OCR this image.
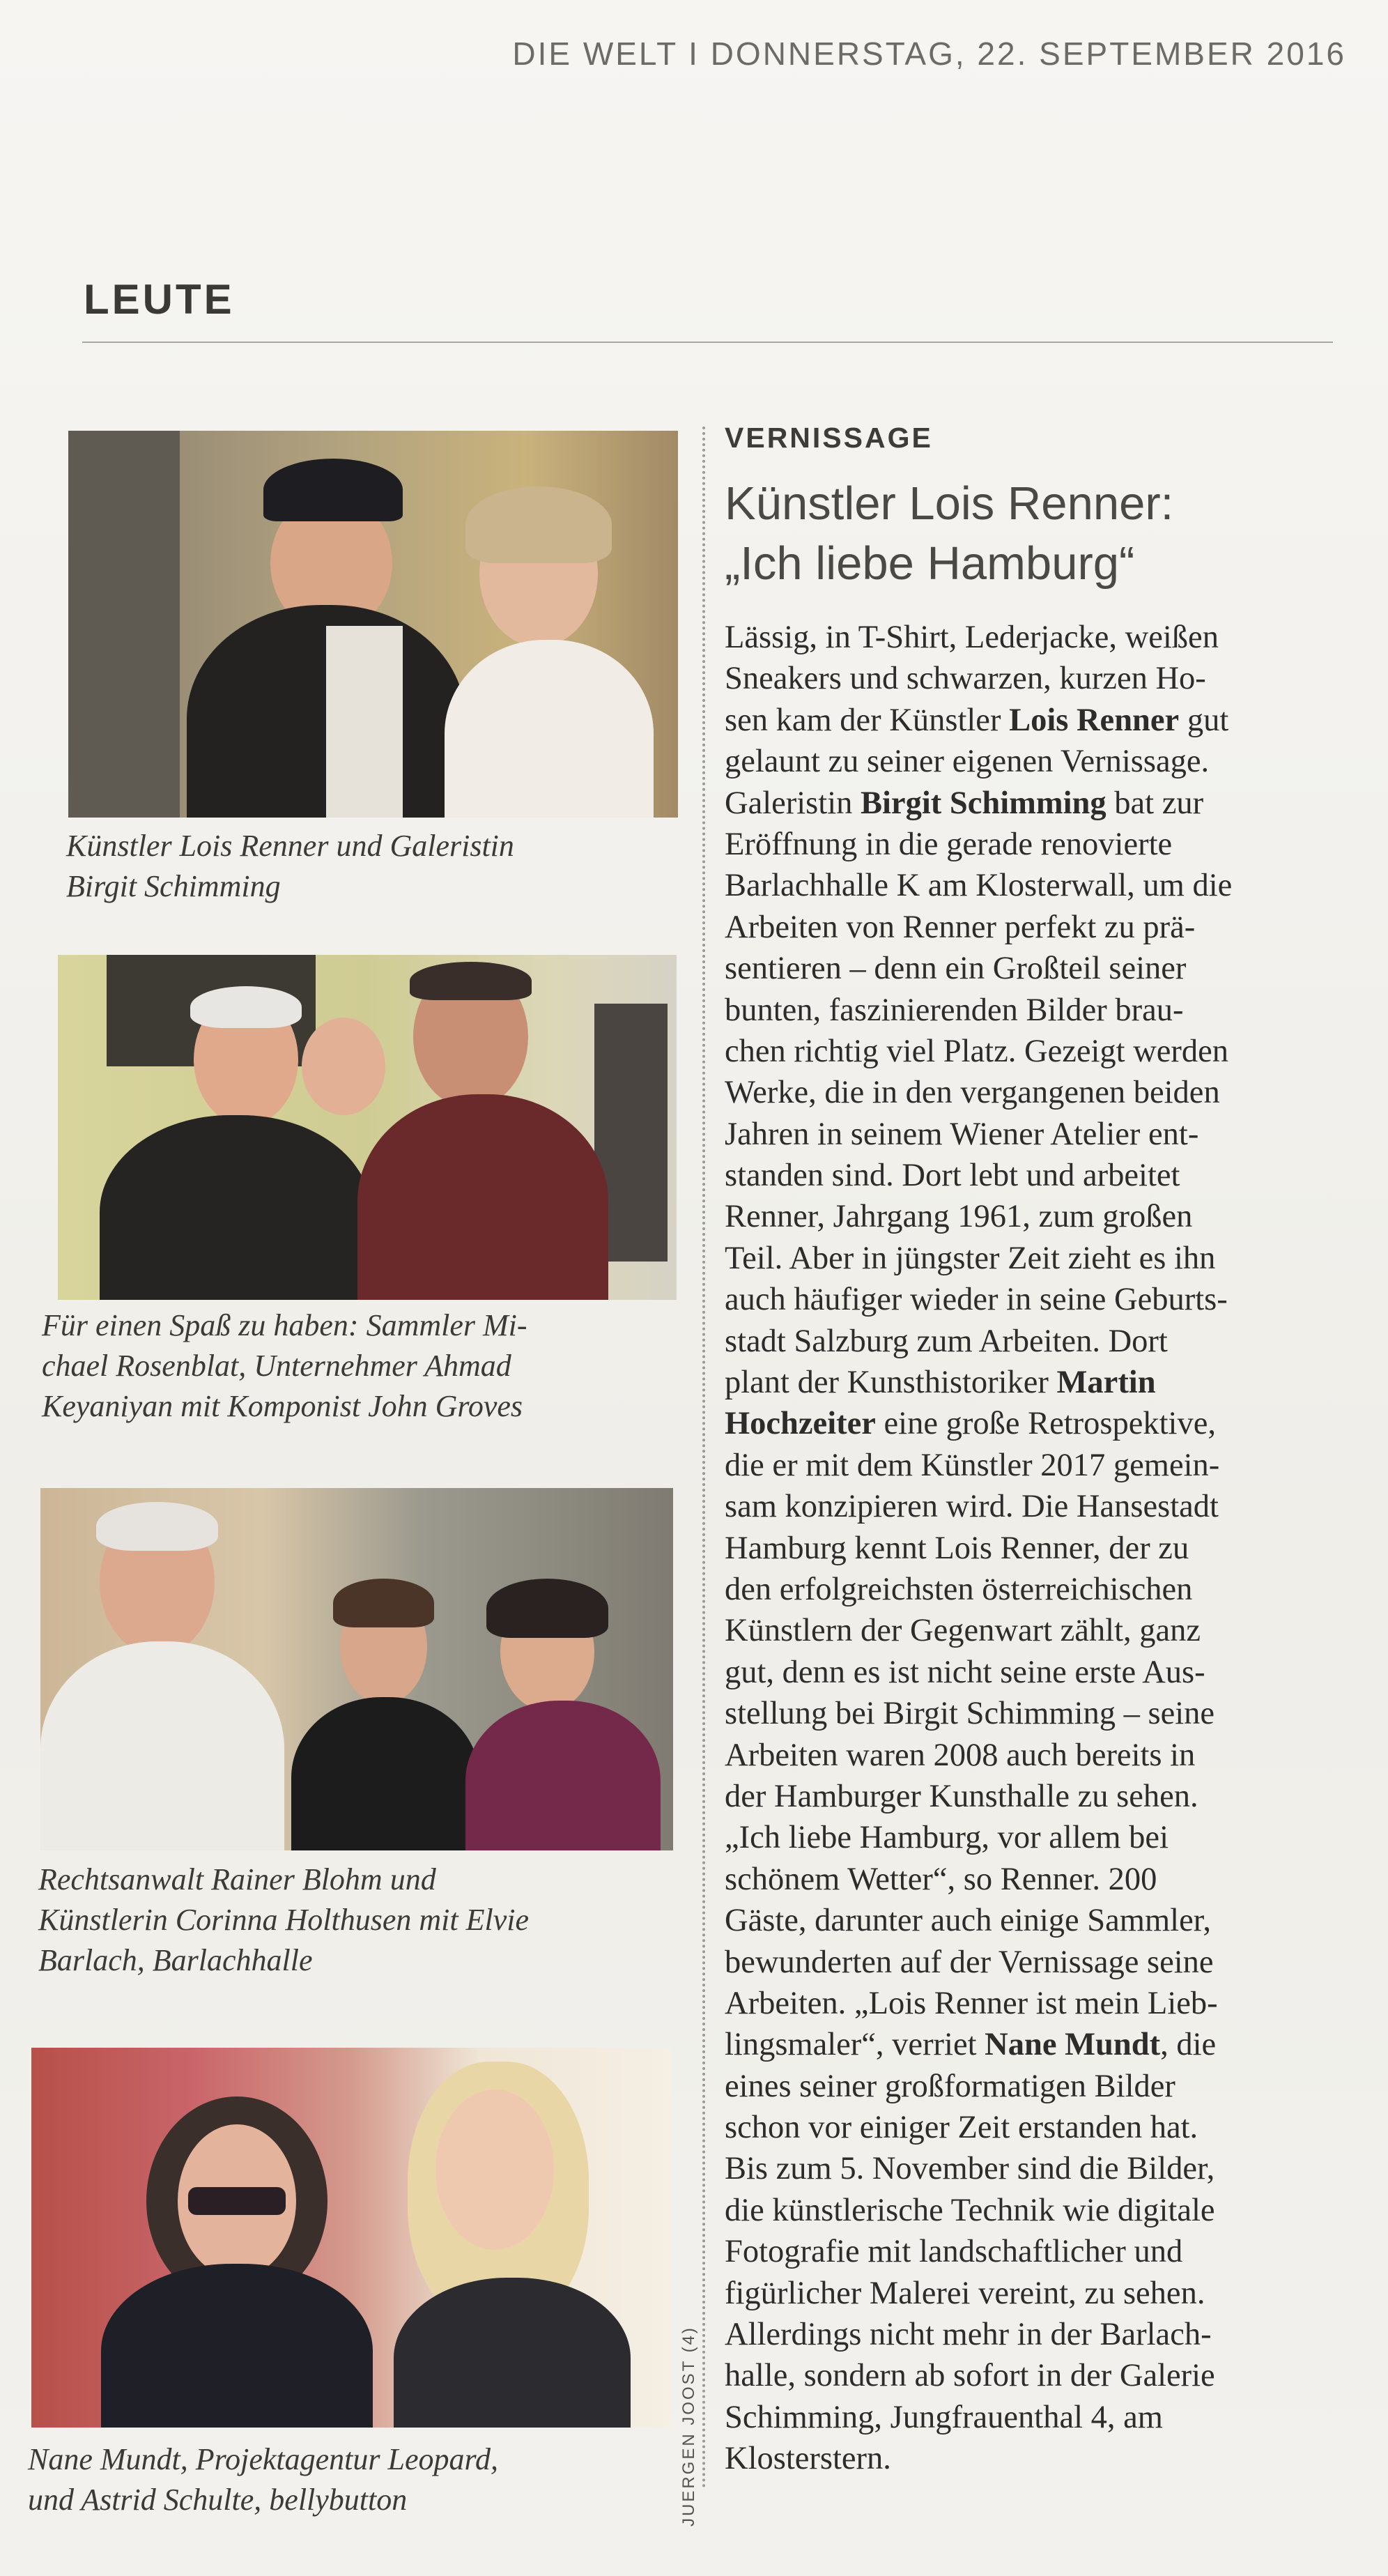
DIE WELT I DONNERSTAG, 22. SEPTEMBER 2016
LEUTE
Künstler Lois Renner und Galeristin
Birgit Schimming
Für einen Spaß zu haben: Sammler Mi-
chael Rosenblat, Unternehmer Ahmad
Keyaniyan mit Komponist John Groves
Rechtsanwalt Rainer Blohm und
Künstlerin Corinna Holthusen mit Elvie
Barlach, Barlachhalle
Nane Mundt, Projektagentur Leopard,
und Astrid Schulte, bellybutton	JUERGEN JOOST (4)
VERNISSAGE
Künstler Lois Renner:
„Ich liebe Hamburg“
Lässig, in T-Shirt, Lederjacke, weißen
Sneakers und schwarzen, kurzen Ho-
sen kam der Künstler Lois Renner gut
gelaunt zu seiner eigenen Vernissage.
Galeristin Birgit Schimming bat zur
Eröffnung in die gerade renovierte
Barlachhalle K am Klosterwall, um die
Arbeiten von Renner perfekt zu prä-
sentieren – denn ein Großteil seiner
bunten, faszinierenden Bilder brau-
chen richtig viel Platz. Gezeigt werden
Werke, die in den vergangenen beiden
Jahren in seinem Wiener Atelier ent-
standen sind. Dort lebt und arbeitet
Renner, Jahrgang 1961, zum großen
Teil. Aber in jüngster Zeit zieht es ihn
auch häufiger wieder in seine Geburts-
stadt Salzburg zum Arbeiten. Dort
plant der Kunsthistoriker Martin
Hochzeiter eine große Retrospektive,
die er mit dem Künstler 2017 gemein-
sam konzipieren wird. Die Hansestadt
Hamburg kennt Lois Renner, der zu
den erfolgreichsten österreichischen
Künstlern der Gegenwart zählt, ganz
gut, denn es ist nicht seine erste Aus-
stellung bei Birgit Schimming – seine
Arbeiten waren 2008 auch bereits in
der Hamburger Kunsthalle zu sehen.
„Ich liebe Hamburg, vor allem bei
schönem Wetter“, so Renner. 200
Gäste, darunter auch einige Sammler,
bewunderten auf der Vernissage seine
Arbeiten. „Lois Renner ist mein Lieb-
lingsmaler“, verriet Nane Mundt, die
eines seiner großformatigen Bilder
schon vor einiger Zeit erstanden hat.
Bis zum 5. November sind die Bilder,
die künstlerische Technik wie digitale
Fotografie mit landschaftlicher und
figürlicher Malerei vereint, zu sehen.
Allerdings nicht mehr in der Barlach-
halle, sondern ab sofort in der Galerie
Schimming, Jungfrauenthal 4, am
Klosterstern.
